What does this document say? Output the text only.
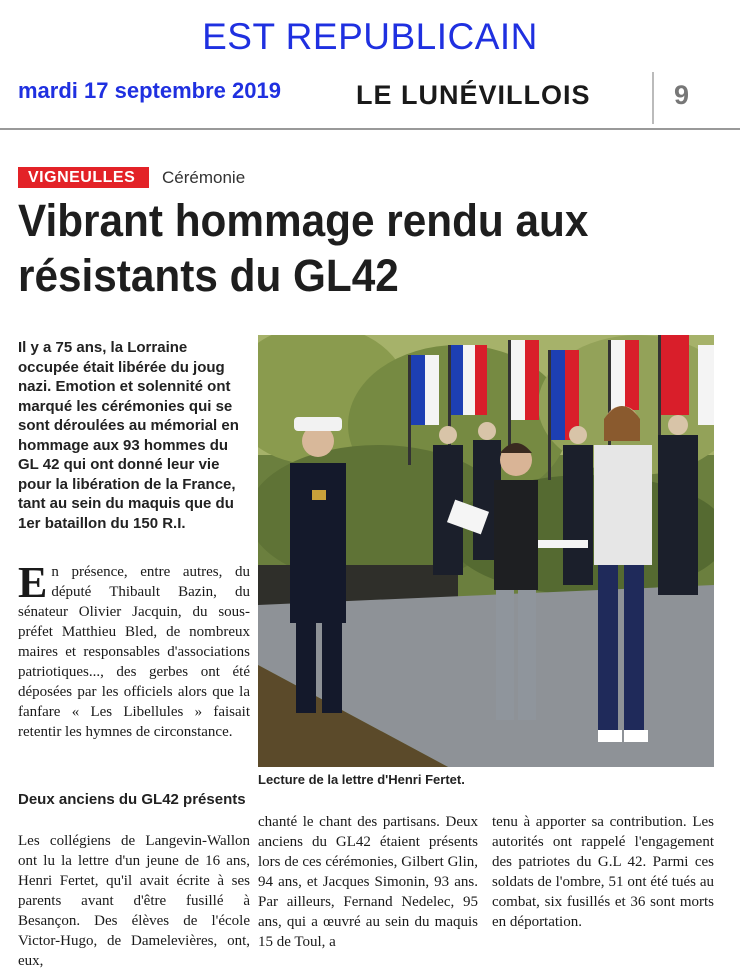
EST REPUBLICAIN
mardi 17 septembre 2019	LE LUNÉVILLOIS	9
VIGNEULLES	Cérémonie
Vibrant hommage rendu aux résistants du GL42

Il y a 75 ans, la Lorraine occupée était libérée du joug nazi. Emotion et solennité ont marqué les cérémonies qui se sont déroulées au mémorial en hommage aux 93 hommes du GL 42 qui ont donné leur vie pour la libération de la France, tant au sein du maquis que du 1er bataillon du 150 R.I.

En présence, entre autres, du député Thibault Bazin, du sénateur Olivier Jacquin, du sous-préfet Matthieu Bled, de nombreux maires et responsables d'associations patriotiques..., des gerbes ont été déposées par les officiels alors que la fanfare « Les Libellules » faisait retentir les hymnes de circonstance.

Lecture de la lettre d'Henri Fertet.

Deux anciens du GL42 présents

Les collégiens de Langevin-Wallon ont lu la lettre d'un jeune de 16 ans, Henri Fertet, qu'il avait écrite à ses parents avant d'être fusillé à Besançon. Des élèves de l'école Victor-Hugo, de Damelevières, ont, eux,

chanté le chant des partisans. Deux anciens du GL42 étaient présents lors de ces cérémonies, Gilbert Glin, 94 ans, et Jacques Simonin, 93 ans. Par ailleurs, Fernand Nedelec, 95 ans, qui a œuvré au sein du maquis 15 de Toul, a

tenu à apporter sa contribution. Les autorités ont rappelé l'engagement des patriotes du G.L 42. Parmi ces soldats de l'ombre, 51 ont été tués au combat, six fusillés et 36 sont morts en déportation.
